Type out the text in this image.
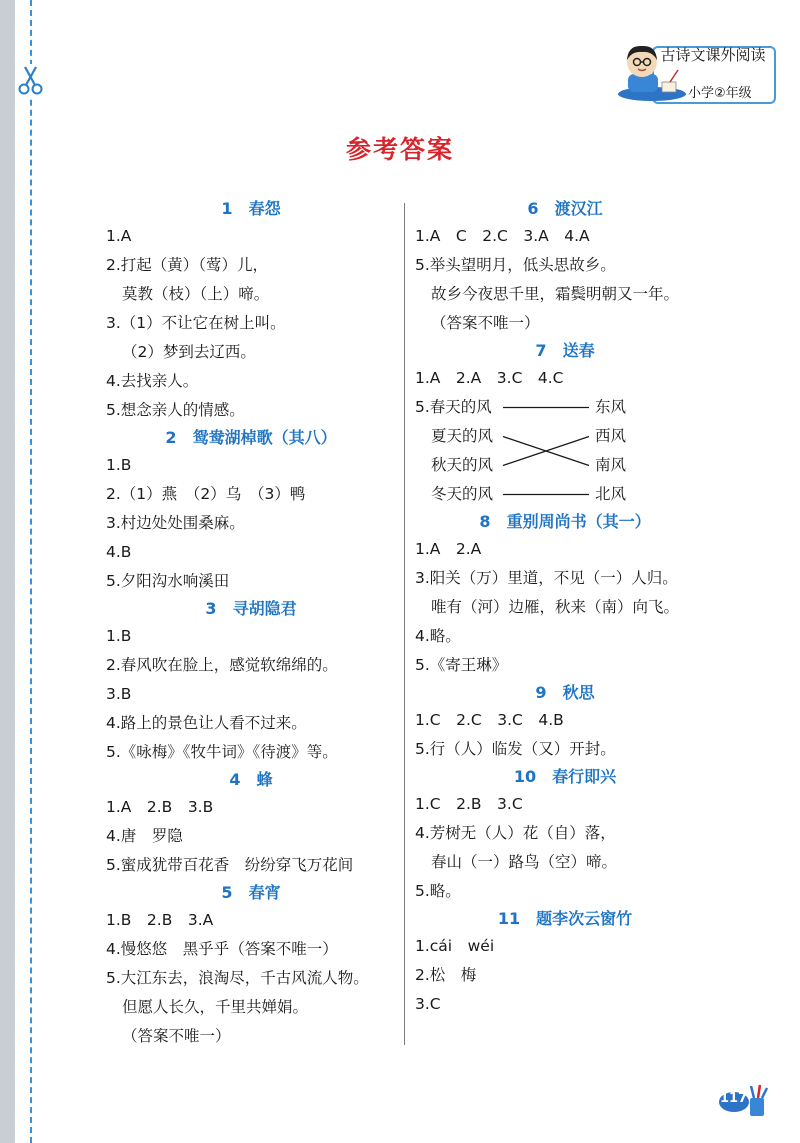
古诗文课外阅读
小学②年级
参考答案
1 春怨
1.A
2.打起（黄）（莺）儿，
莫教（枝）（上）啼。
3.（1）不让它在树上叫。
（2）梦到去辽西。
4.去找亲人。
5.想念亲人的情感。
2 鸳鸯湖棹歌（其八）
1.B
2.（1）燕　（2）乌　（3）鸭
3.村边处处围桑麻。
4.B
5.夕阳沟水响溪田
3 寻胡隐君
1.B
2.春风吹在脸上，感觉软绵绵的。
3.B
4.路上的景色让人看不过来。
5.《咏梅》《牧牛词》《待渡》等。
4 蜂
1.A　2.B　3.B
4.唐　罗隐
5.蜜成犹带百花香　纷纷穿飞万花间
5 春宵
1.B　2.B　3.A
4.慢悠悠　黑乎乎（答案不唯一）
5.大江东去，浪淘尽，千古风流人物。
但愿人长久，千里共婵娟。
（答案不唯一）
6 渡汉江
1.A　C　2.C　3.A　4.A
5.举头望明月，低头思故乡。
故乡今夜思千里，霜鬓明朝又一年。
（答案不唯一）
7 送春
1.A　2.A　3.C　4.C
5.春天的风	东风
夏天的风	西风
秋天的风	南风
冬天的风	北风
8 重别周尚书（其一）
1.A　2.A
3.阳关（万）里道，不见（一）人归。
唯有（河）边雁，秋来（南）向飞。
4.略。
5.《寄王琳》
9 秋思
1.C　2.C　3.C　4.B
5.行（人）临发（又）开封。
10 春行即兴
1.C　2.B　3.C
4.芳树无（人）花（自）落，
春山（一）路鸟（空）啼。
5.略。
11 题李次云窗竹
1.cái　wéi
2.松　梅
3.C
117
